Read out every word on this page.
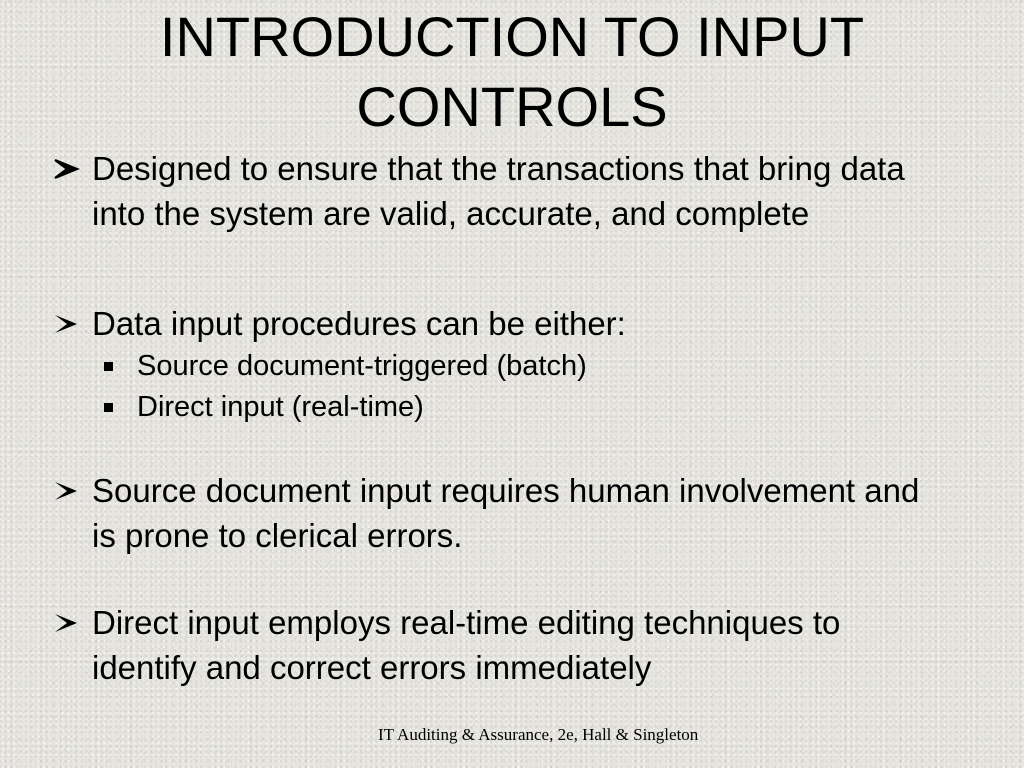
INTRODUCTION TO INPUT CONTROLS
Designed to ensure that the transactions that bring data into the system are valid, accurate, and complete
Data input procedures can be either:
Source document-triggered (batch)
Direct input (real-time)
Source document input requires human involvement and is prone to clerical errors.
Direct input employs real-time editing techniques to identify and correct errors immediately
IT Auditing & Assurance, 2e, Hall & Singleton
